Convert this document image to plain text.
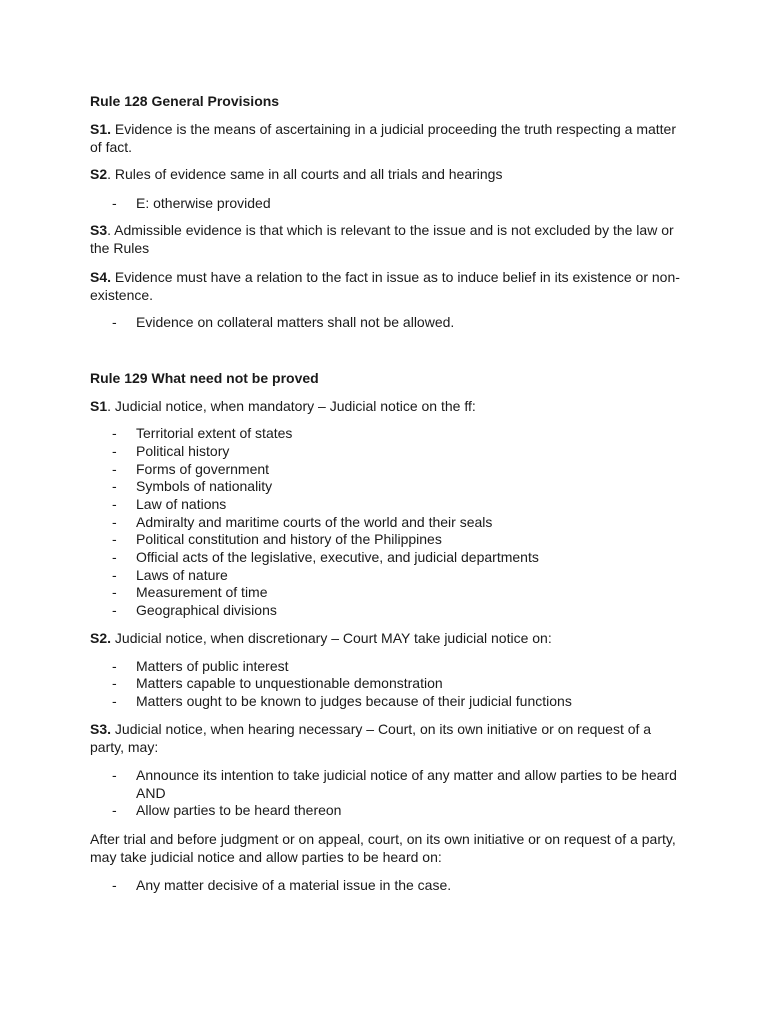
Rule 128 General Provisions
S1. Evidence is the means of ascertaining in a judicial proceeding the truth respecting a matter of fact.
S2. Rules of evidence same in all courts and all trials and hearings
- E: otherwise provided
S3. Admissible evidence is that which is relevant to the issue and is not excluded by the law or the Rules
S4. Evidence must have a relation to the fact in issue as to induce belief in its existence or non-existence.
- Evidence on collateral matters shall not be allowed.
Rule 129 What need not be proved
S1. Judicial notice, when mandatory – Judicial notice on the ff:
- Territorial extent of states
- Political history
- Forms of government
- Symbols of nationality
- Law of nations
- Admiralty and maritime courts of the world and their seals
- Political constitution and history of the Philippines
- Official acts of the legislative, executive, and judicial departments
- Laws of nature
- Measurement of time
- Geographical divisions
S2. Judicial notice, when discretionary – Court MAY take judicial notice on:
- Matters of public interest
- Matters capable to unquestionable demonstration
- Matters ought to be known to judges because of their judicial functions
S3. Judicial notice, when hearing necessary – Court, on its own initiative or on request of a party, may:
- Announce its intention to take judicial notice of any matter and allow parties to be heard AND
- Allow parties to be heard thereon
After trial and before judgment or on appeal, court, on its own initiative or on request of a party, may take judicial notice and allow parties to be heard on:
- Any matter decisive of a material issue in the case.
